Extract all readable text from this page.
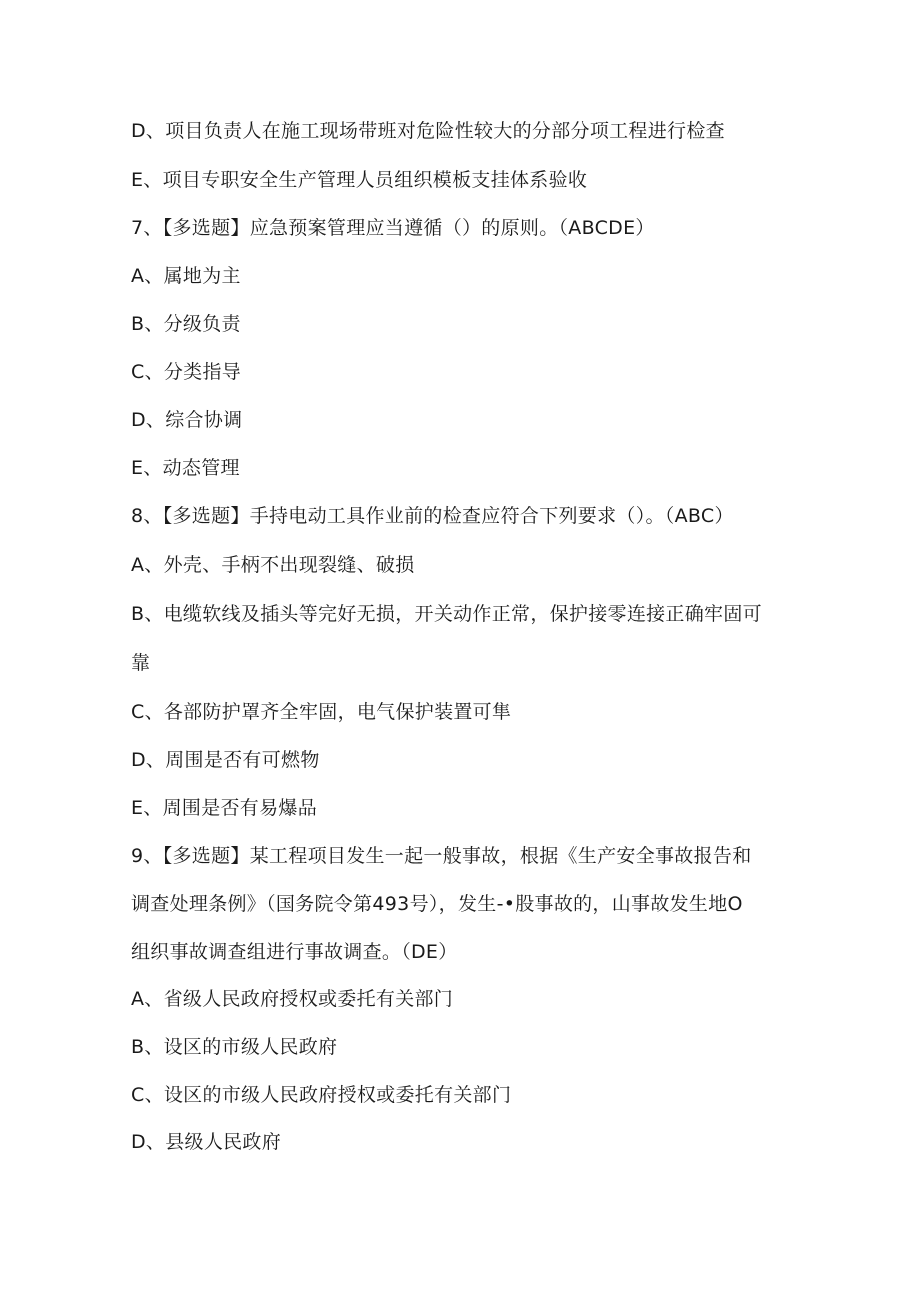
D、项目负责人在施工现场带班对危险性较大的分部分项工程进行检查
E、项目专职安全生产管理人员组织模板支挂体系验收
7、【多选题】应急预案管理应当遵循（）的原则。（ABCDE）
A、属地为主
B、分级负责
C、分类指导
D、综合协调
E、动态管理
8、【多选题】手持电动工具作业前的检查应符合下列要求（）。（ABC）
A、外壳、手柄不出现裂缝、破损
B、电缆软线及插头等完好无损，开关动作正常，保护接零连接正确牢固可
靠
C、各部防护罩齐全牢固，电气保护装置可隼
D、周围是否有可燃物
E、周围是否有易爆品
9、【多选题】某工程项目发生一起一般事故，根据《生产安全事故报告和
调查处理条例》（国务院令第493号），发生-•股事故的，山事故发生地O
组织事故调查组进行事故调查。（DE）
A、省级人民政府授权或委托有关部门
B、设区的市级人民政府
C、设区的市级人民政府授权或委托有关部门
D、县级人民政府
